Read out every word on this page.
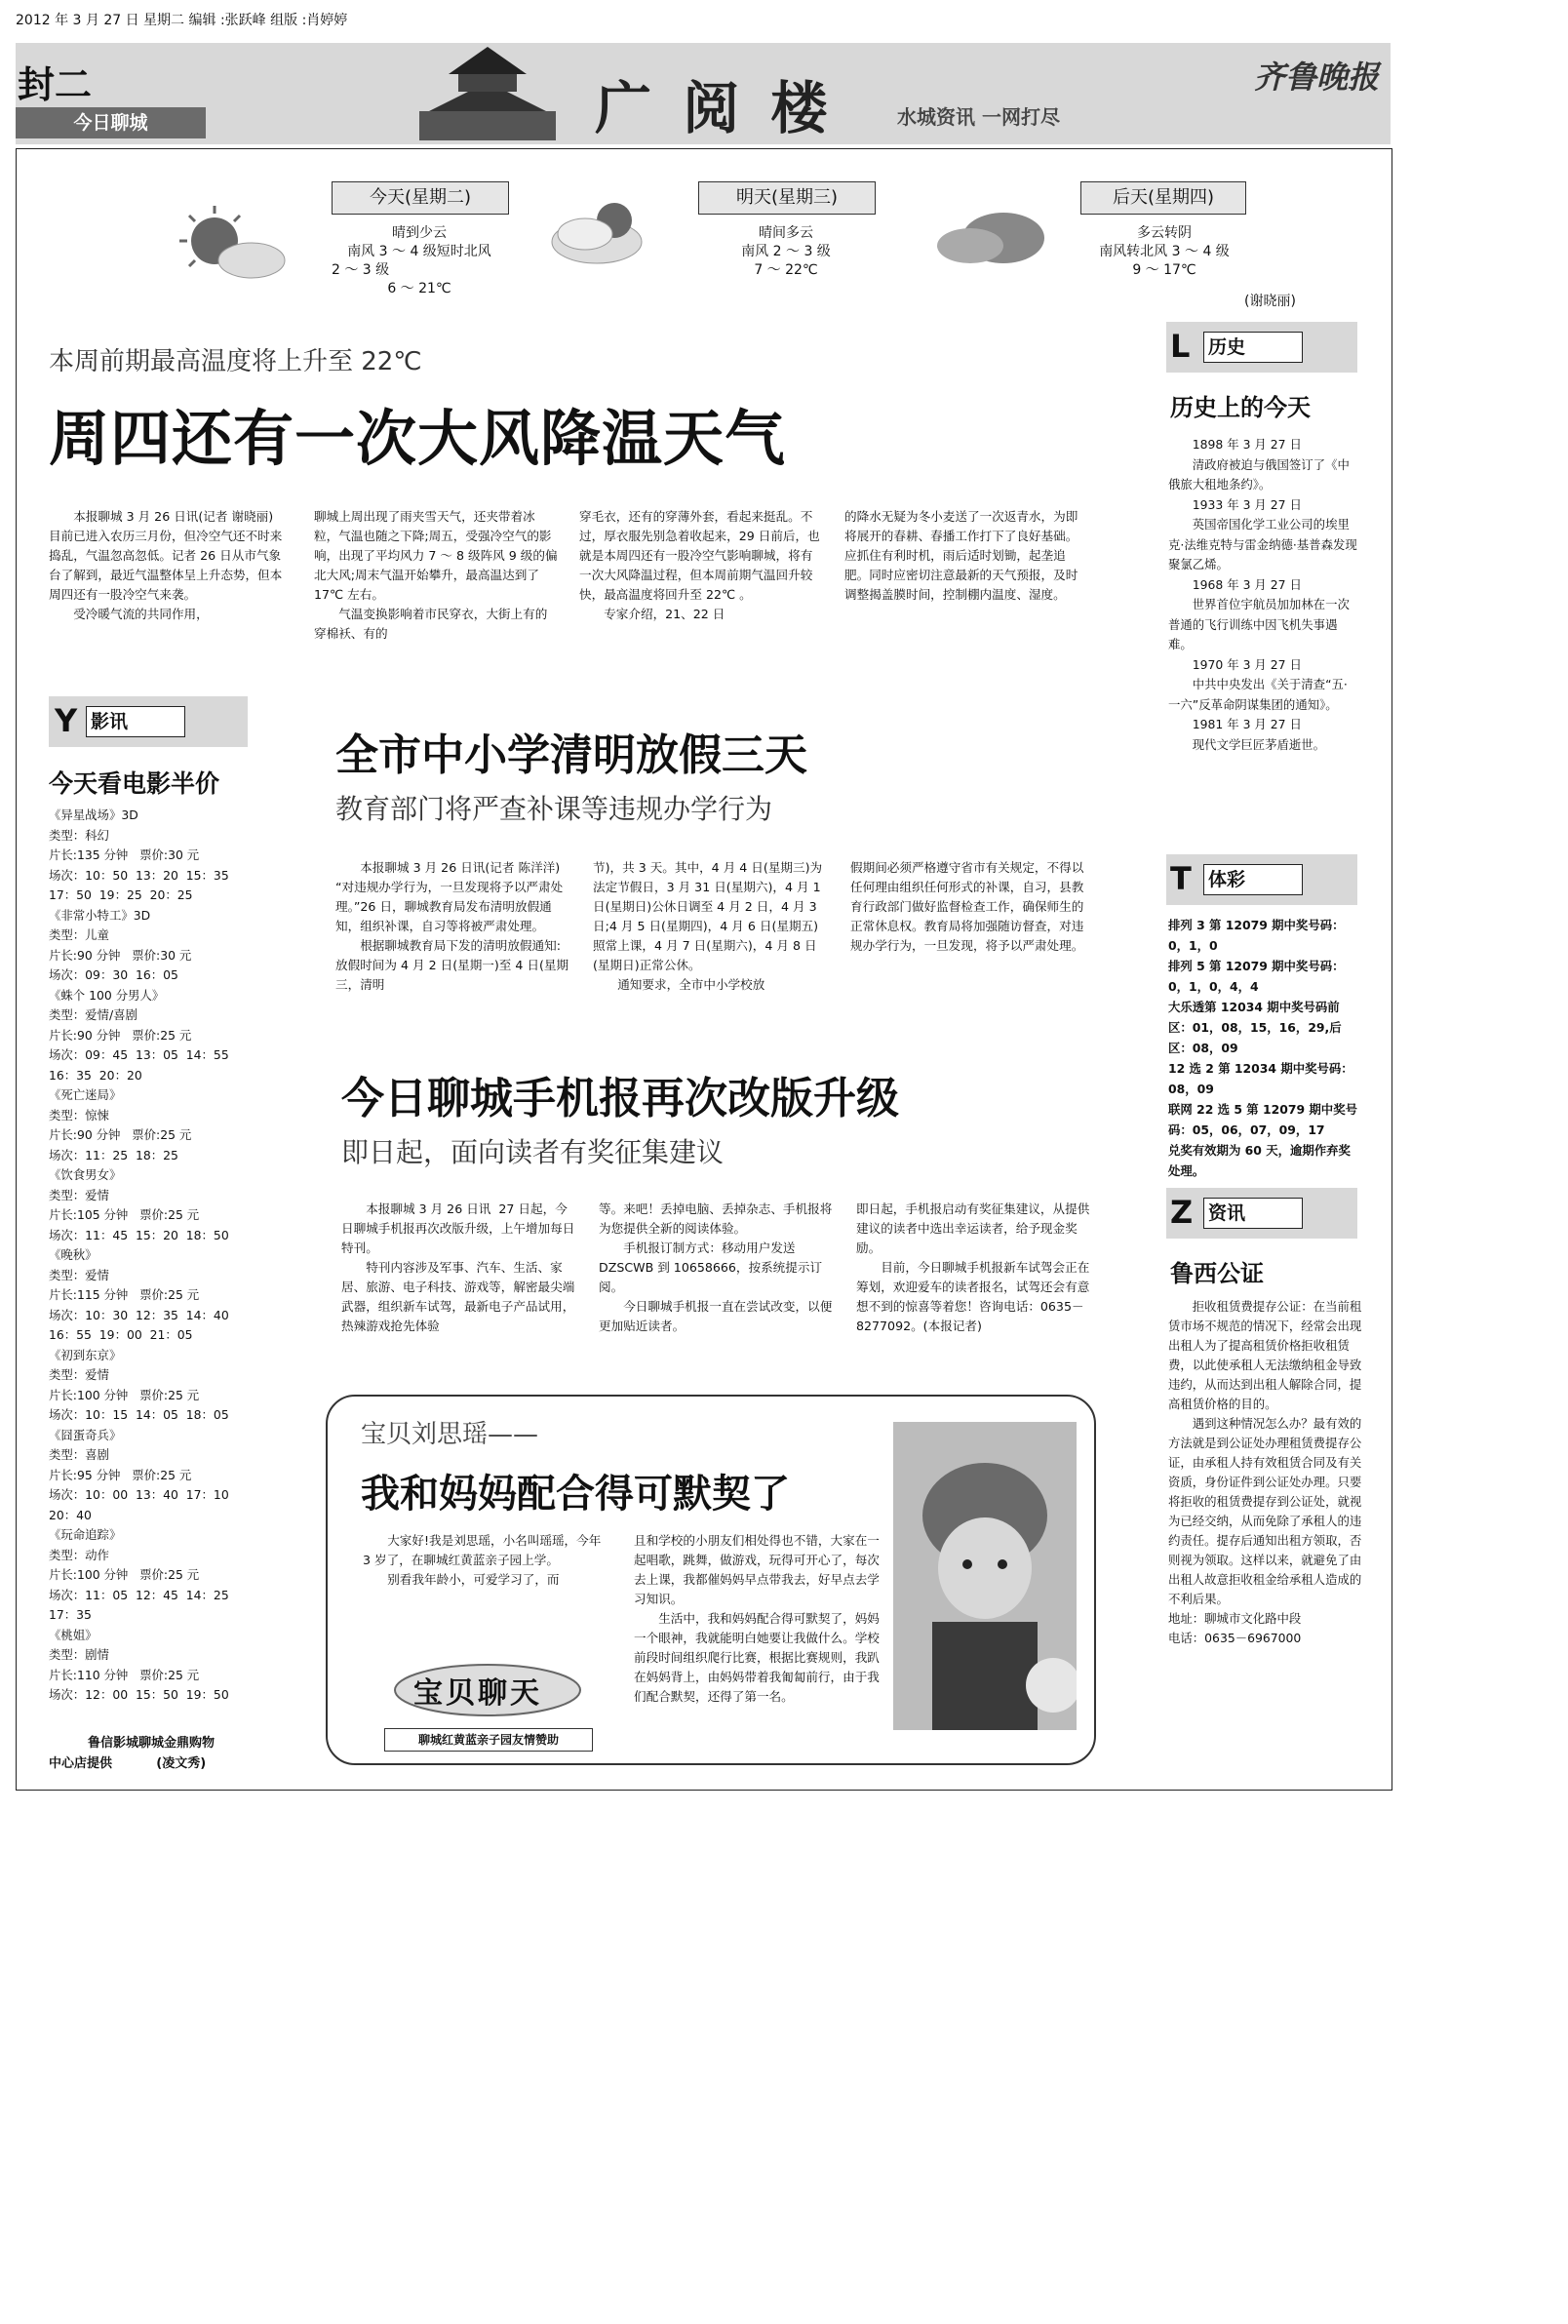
2012 年 3 月 27 日 星期二 编辑 :张跃峰 组版 :肖婷婷
封二
今日聊城	广 阅 楼	水城资讯 一网打尽
齐鲁晚报
今天(星期二)
晴到少云
南风 3 ～ 4 级短时北风
2 ～ 3 级
6 ～ 21℃
明天(星期三)
晴间多云
南风 2 ～ 3 级
7 ～ 22℃
后天(星期四)
多云转阴
南风转北风 3 ～ 4 级
9 ～ 17℃
(谢晓丽)
本周前期最高温度将上升至 22℃
周四还有一次大风降温天气
　　本报聊城 3 月 26 日讯(记者 谢晓丽)  目前已进入农历三月份，但冷空气还不时来捣乱，气温忽高忽低。记者 26 日从市气象台了解到，最近气温整体呈上升态势，但本周四还有一股冷空气来袭。
　　受冷暖气流的共同作用，
聊城上周出现了雨夹雪天气，还夹带着冰粒，气温也随之下降;周五，受强冷空气的影响，出现了平均风力 7 ～ 8 级阵风 9 级的偏北大风;周末气温开始攀升，最高温达到了 17℃ 左右。
　　气温变换影响着市民穿衣，大街上有的穿棉袄、有的
穿毛衣，还有的穿薄外套，看起来挺乱。不过，厚衣服先别急着收起来，29 日前后，也就是本周四还有一股冷空气影响聊城，将有一次大风降温过程，但本周前期气温回升较快，最高温度将回升至 22℃ 。
　　专家介绍，21、22 日
的降水无疑为冬小麦送了一次返青水，为即将展开的春耕、春播工作打下了良好基础。应抓住有利时机，雨后适时划锄，起垄追肥。同时应密切注意最新的天气预报，及时调整揭盖膜时间，控制棚内温度、湿度。
Y 影讯
今天看电影半价
《异星战场》3D
类型：科幻
片长:135 分钟   票价:30 元
场次：10：50  13：20  15：35
17：50  19：25  20：25
《非常小特工》3D
类型：儿童
片长:90 分钟   票价:30 元
场次：09：30  16：05
《蛛个 100 分男人》
类型：爱情/喜剧
片长:90 分钟   票价:25 元
场次：09：45  13：05  14：55
16：35  20：20
《死亡迷局》
类型：惊悚
片长:90 分钟   票价:25 元
场次：11：25  18：25
《饮食男女》
类型：爱情
片长:105 分钟   票价:25 元
场次：11：45  15：20  18：50
《晚秋》
类型：爱情
片长:115 分钟   票价:25 元
场次：10：30  12：35  14：40
16：55  19：00  21：05
《初到东京》
类型：爱情
片长:100 分钟   票价:25 元
场次：10：15  14：05  18：05
《囧蛋奇兵》
类型：喜剧
片长:95 分钟   票价:25 元
场次：10：00  13：40  17：10
20：40
《玩命追踪》
类型：动作
片长:100 分钟   票价:25 元
场次：11：05  12：45  14：25
17：35
《桃姐》
类型：剧情
片长:110 分钟   票价:25 元
场次：12：00  15：50  19：50
鲁信影城聊城金鼎购物
中心店提供          (凌文秀)
全市中小学清明放假三天
教育部门将严查补课等违规办学行为
　　本报聊城 3 月 26 日讯(记者 陈洋洋)  “对违规办学行为，一旦发现将予以严肃处理。”26 日，聊城教育局发布清明放假通知，组织补课，自习等将被严肃处理。
　　根据聊城教育局下发的清明放假通知:放假时间为 4 月 2 日(星期一)至 4 日(星期三，清明
节)，共 3 天。其中，4 月 4 日(星期三)为法定节假日，3 月 31 日(星期六)，4 月 1 日(星期日)公休日调至 4 月 2 日，4 月 3 日;4 月 5 日(星期四)，4 月 6 日(星期五)照常上课，4 月 7 日(星期六)，4 月 8 日(星期日)正常公休。
　　通知要求，全市中小学校放
假期间必须严格遵守省市有关规定，不得以任何理由组织任何形式的补课，自习，县教育行政部门做好监督检查工作，确保师生的正常休息权。教育局将加强随访督查，对违规办学行为，一旦发现，将予以严肃处理。
今日聊城手机报再次改版升级
即日起，面向读者有奖征集建议
　　本报聊城 3 月 26 日讯  27 日起，今日聊城手机报再次改版升级，上午增加每日特刊。
　　特刊内容涉及军事、汽车、生活、家居、旅游、电子科技、游戏等，解密最尖端武器，组织新车试驾，最新电子产品试用，热辣游戏抢先体验
等。来吧！丢掉电脑、丢掉杂志、手机报将为您提供全新的阅读体验。
　　手机报订制方式：移动用户发送 DZSCWB 到 10658666，按系统提示订阅。
　　今日聊城手机报一直在尝试改变，以便更加贴近读者。
即日起，手机报启动有奖征集建议，从提供建议的读者中选出幸运读者，给予现金奖励。
　　目前，今日聊城手机报新车试驾会正在筹划，欢迎爱车的读者报名，试驾还会有意想不到的惊喜等着您！咨询电话：0635－8277092。(本报记者)
宝贝刘思瑶——
我和妈妈配合得可默契了
　　大家好!我是刘思瑶，小名叫瑶瑶，今年 3 岁了，在聊城红黄蓝亲子园上学。
　　别看我年龄小，可爱学习了，而
且和学校的小朋友们相处得也不错，大家在一起唱歌，跳舞，做游戏，玩得可开心了，每次去上课，我都催妈妈早点带我去，好早点去学习知识。
　　生活中，我和妈妈配合得可默契了，妈妈一个眼神，我就能明白她要让我做什么。学校前段时间组织爬行比赛，根据比赛规则，我趴在妈妈背上，由妈妈带着我匍匐前行，由于我们配合默契，还得了第一名。
宝贝聊天
聊城红黄蓝亲子园友情赞助
L 历史
历史上的今天
　　1898 年 3 月 27 日
　　清政府被迫与俄国签订了《中俄旅大租地条约》。
　　1933 年 3 月 27 日
　　英国帝国化学工业公司的埃里克·法维克特与雷金纳德·基普森发现聚氯乙烯。
　　1968 年 3 月 27 日
　　世界首位宇航员加加林在一次普通的飞行训练中因飞机失事遇难。
　　1970 年 3 月 27 日
　　中共中央发出《关于清查“五·一六”反革命阴谋集团的通知》。
　　1981 年 3 月 27 日
　　现代文学巨匠茅盾逝世。
T 体彩
排列 3 第 12079 期中奖号码：0，1，0
排列 5 第 12079 期中奖号码：0，1，0，4，4
大乐透第 12034 期中奖号码前区：01，08，15，16，29,后区：08，09
12 选 2 第 12034 期中奖号码：08，09
联网 22 选 5 第 12079 期中奖号码：05，06，07，09，17
兑奖有效期为 60 天，逾期作弃奖处理。
Z 资讯
鲁西公证
　　拒收租赁费提存公证：在当前租赁市场不规范的情况下，经常会出现出租人为了提高租赁价格拒收租赁费，以此使承租人无法缴纳租金导致违约，从而达到出租人解除合同，提高租赁价格的目的。
　　遇到这种情况怎么办？最有效的方法就是到公证处办理租赁费提存公证，由承租人持有效租赁合同及有关资质，身份证件到公证处办理。只要将拒收的租赁费提存到公证处，就视为已经交纳，从而免除了承租人的违约责任。提存后通知出租方领取，否则视为领取。这样以来，就避免了由出租人故意拒收租金给承租人造成的不利后果。
地址：聊城市文化路中段
电话：0635－6967000
